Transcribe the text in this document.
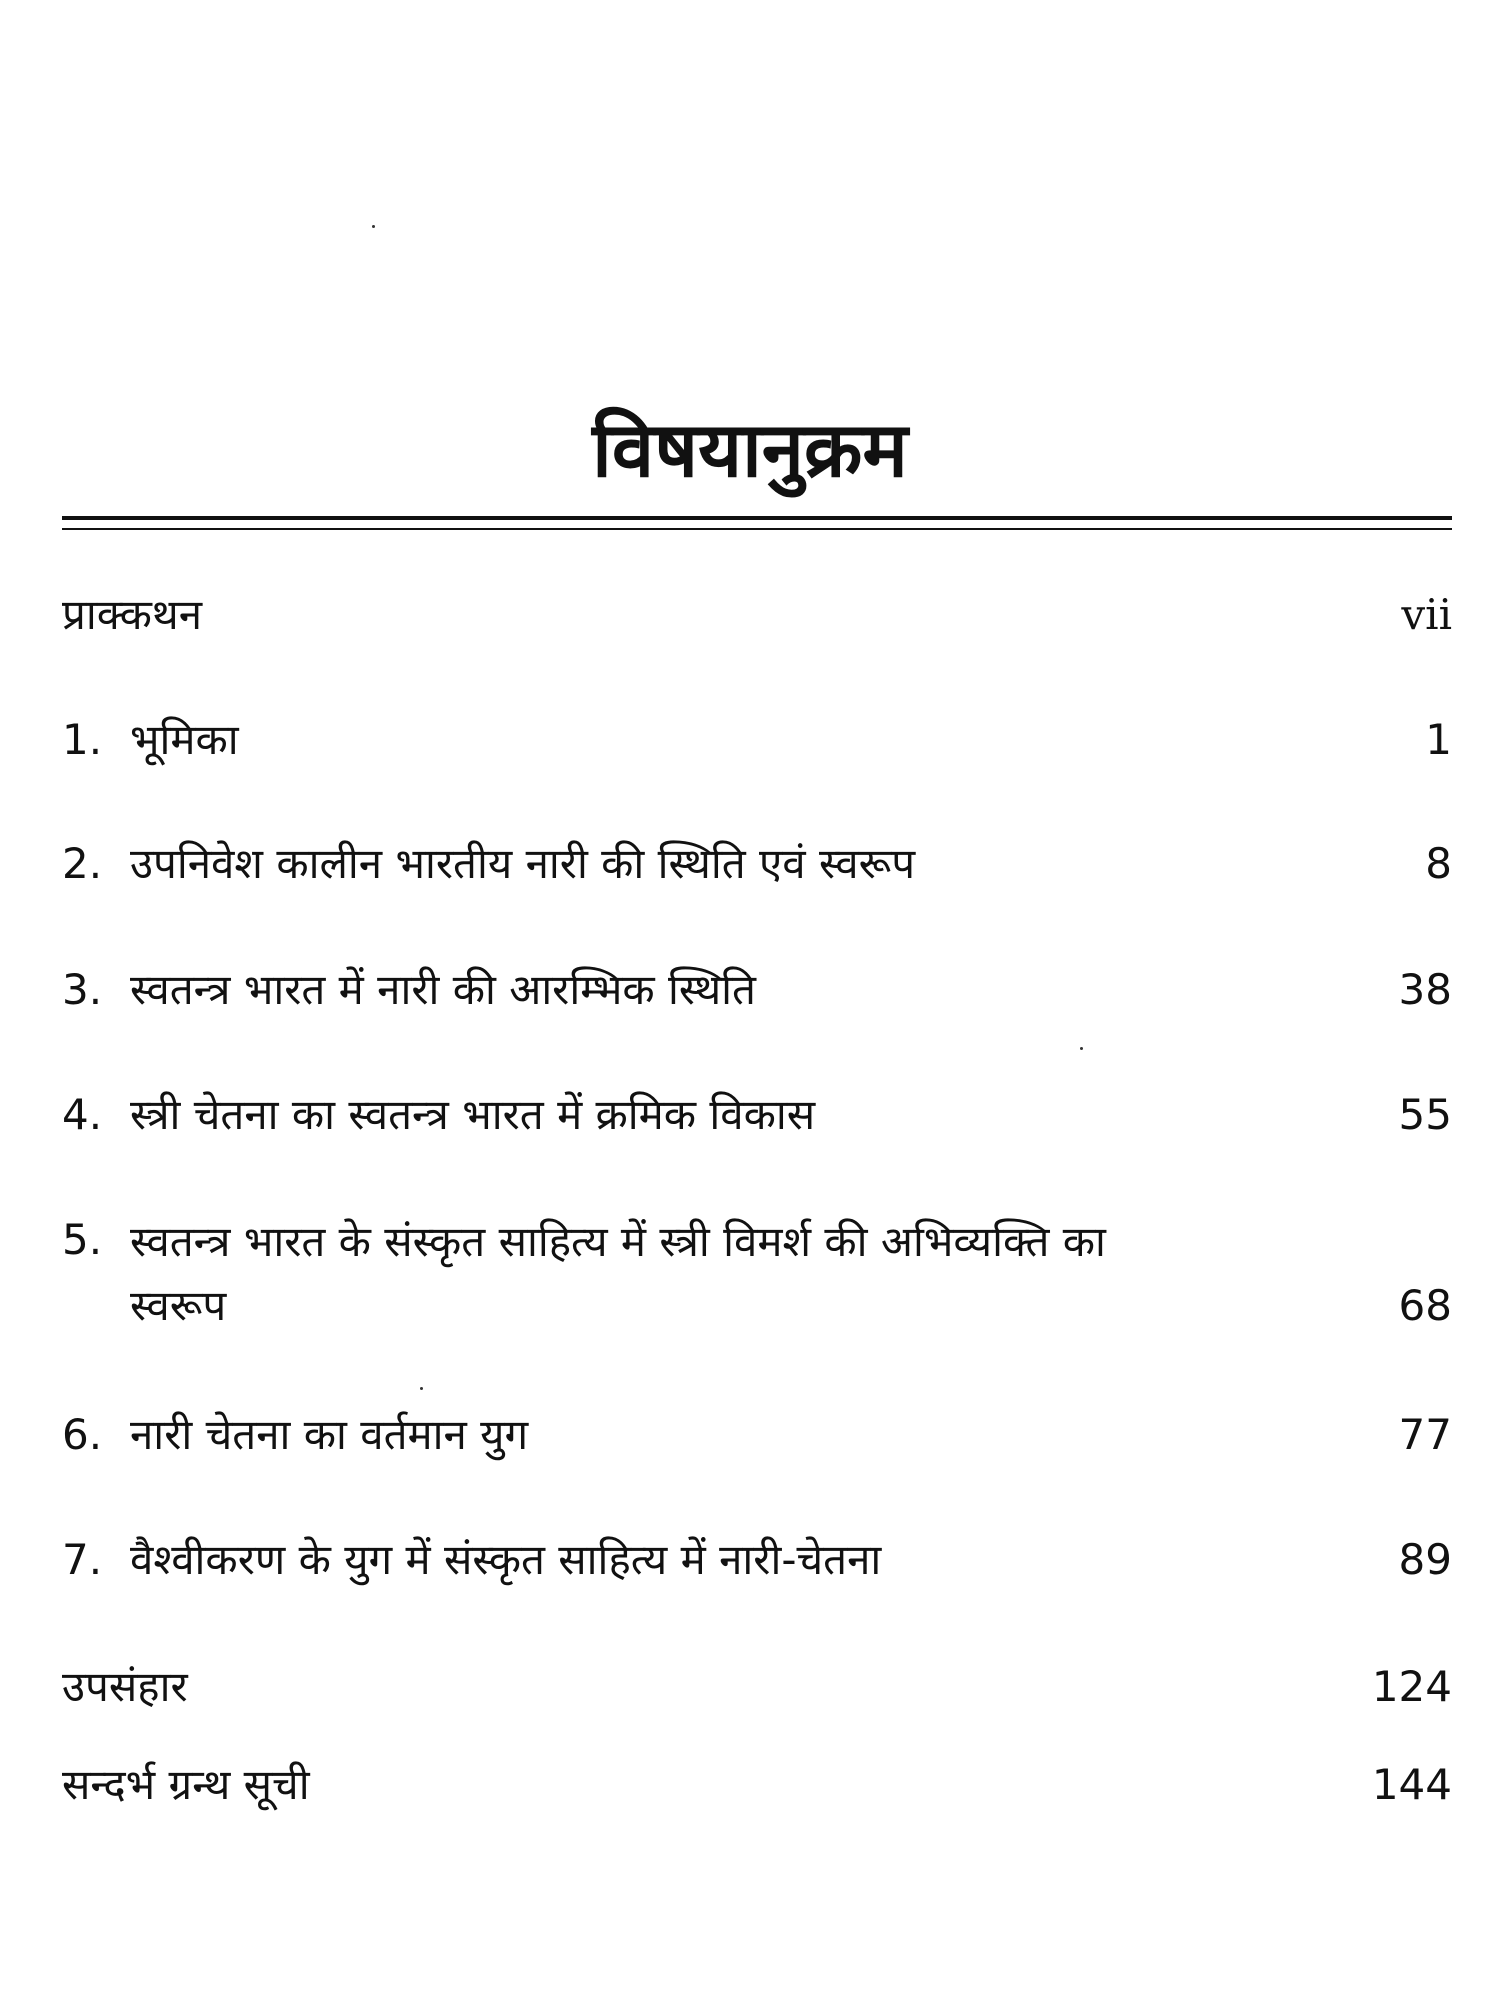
विषयानुक्रम
प्राक्कथन	vii
1. भूमिका	1
2. उपनिवेश कालीन भारतीय नारी की स्थिति एवं स्वरूप	8
3. स्वतन्त्र भारत में नारी की आरम्भिक स्थिति	38
4. स्त्री चेतना का स्वतन्त्र भारत में क्रमिक विकास	55
5. स्वतन्त्र भारत के संस्कृत साहित्य में स्त्री विमर्श की अभिव्यक्ति का स्वरूप	68
6. नारी चेतना का वर्तमान युग	77
7. वैश्वीकरण के युग में संस्कृत साहित्य में नारी-चेतना	89
उपसंहार	124
सन्दर्भ ग्रन्थ सूची	144
